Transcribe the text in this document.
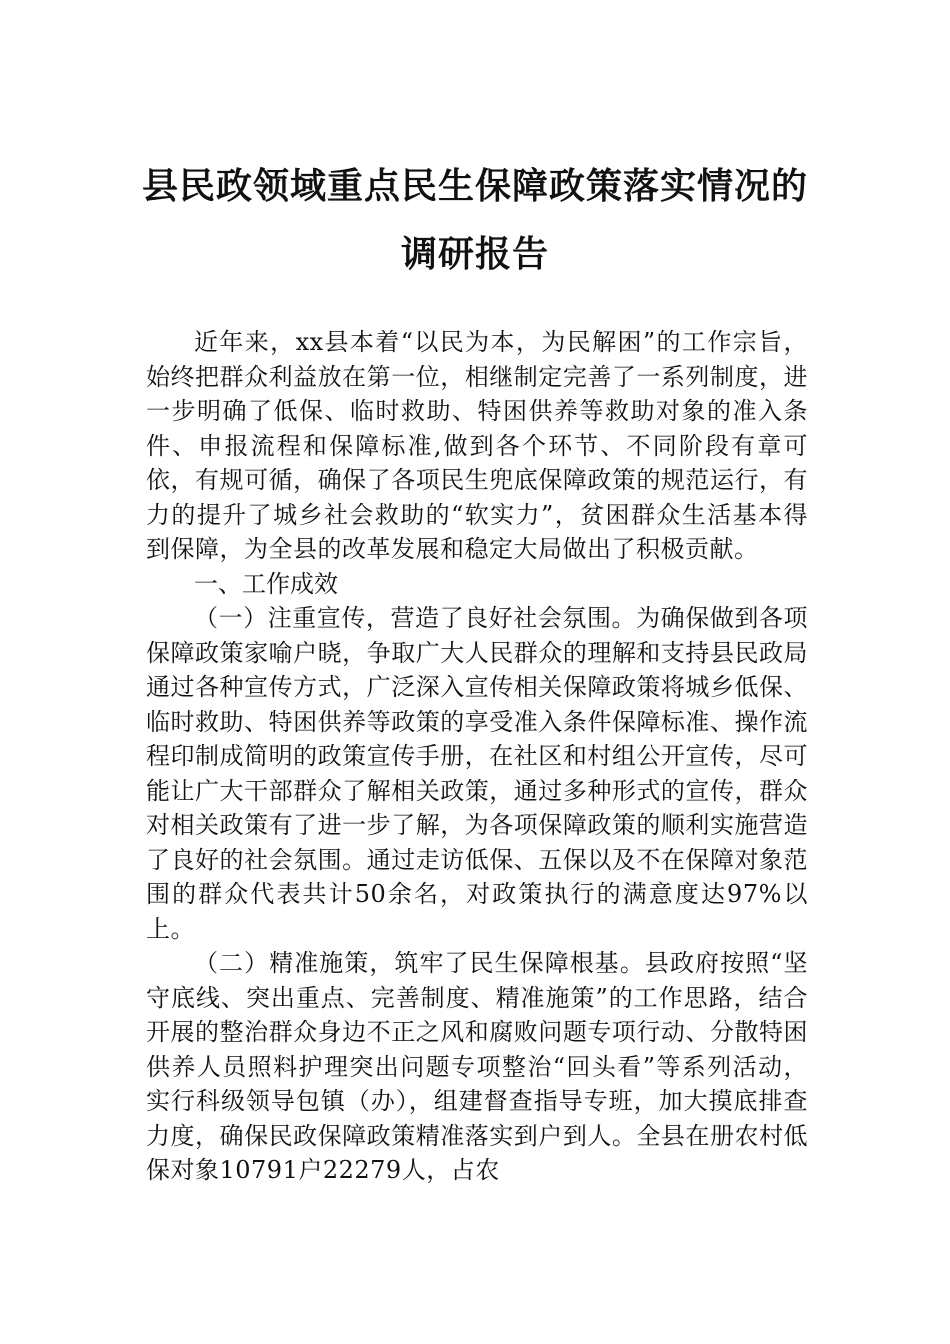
县民政领域重点民生保障政策落实情况的
调研报告

近年来，xx县本着“以民为本，为民解困”的工作宗旨，始终把群众利益放在第一位，相继制定完善了一系列制度，进一步明确了低保、临时救助、特困供养等救助对象的准入条件、申报流程和保障标准,做到各个环节、不同阶段有章可依，有规可循，确保了各项民生兜底保障政策的规范运行，有力的提升了城乡社会救助的“软实力”，贫困群众生活基本得到保障，为全县的改革发展和稳定大局做出了积极贡献。

一、工作成效

（一）注重宣传，营造了良好社会氛围。为确保做到各项保障政策家喻户晓，争取广大人民群众的理解和支持县民政局通过各种宣传方式，广泛深入宣传相关保障政策将城乡低保、临时救助、特困供养等政策的享受准入条件保障标准、操作流程印制成简明的政策宣传手册，在社区和村组公开宣传，尽可能让广大干部群众了解相关政策，通过多种形式的宣传，群众对相关政策有了进一步了解，为各项保障政策的顺利实施营造了良好的社会氛围。通过走访低保、五保以及不在保障对象范围的群众代表共计50余名，对政策执行的满意度达97%以上。

（二）精准施策，筑牢了民生保障根基。县政府按照“坚守底线、突出重点、完善制度、精准施策”的工作思路，结合开展的整治群众身边不正之风和腐败问题专项行动、分散特困供养人员照料护理突出问题专项整治“回头看”等系列活动，实行科级领导包镇（办），组建督查指导专班，加大摸底排查力度，确保民政保障政策精准落实到户到人。全县在册农村低保对象10791户22279人，占农
